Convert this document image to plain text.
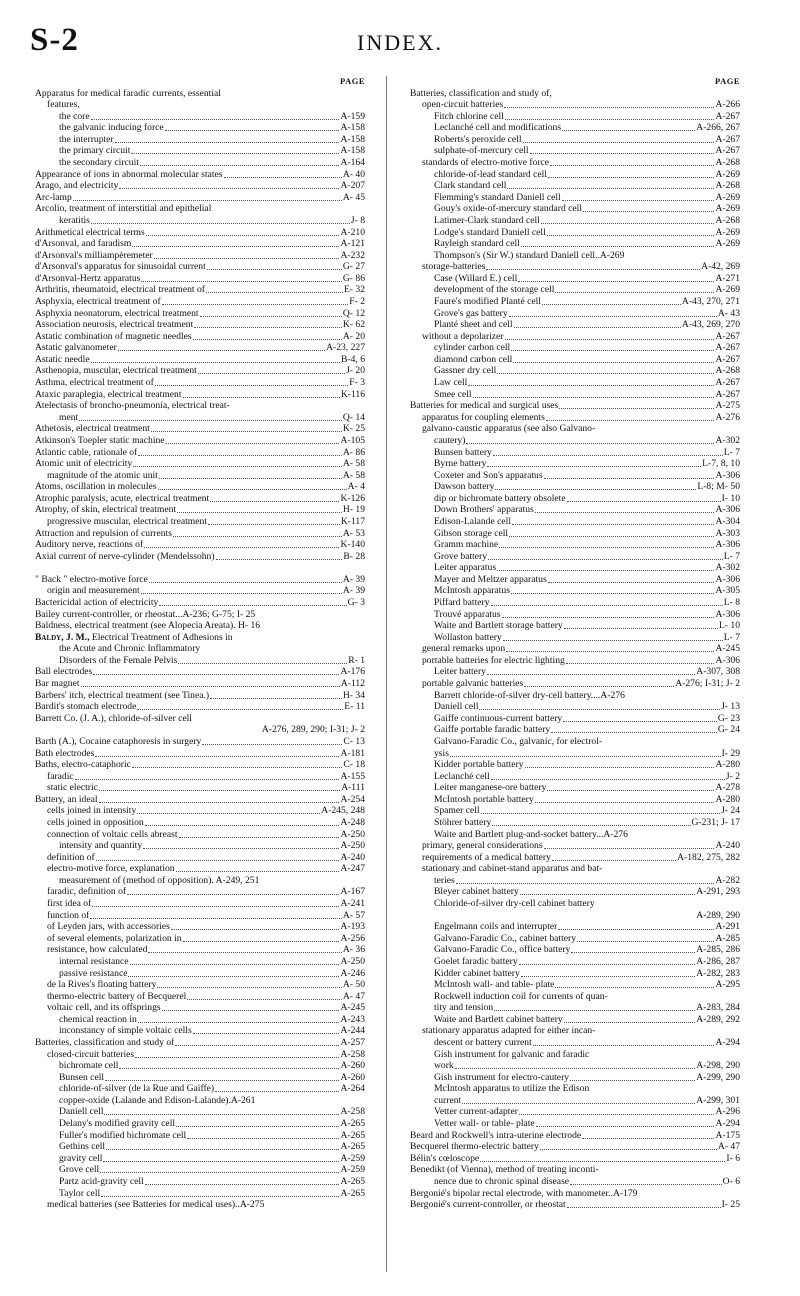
S-2	INDEX.
PAGE
Apparatus for medical faradic currents, essential
features,
the core	A-159
the galvanic inducing force	A-158
the interrupter	A-158
the primary circuit	A-158
the secondary circuit	A-164
Appearance of ions in abnormal molecular states	A- 40
Arago, and electricity	A-207
Arc-lamp	A- 45
Arcolio, treatment of interstitial and epithelial
keratitis	J- 8
Arithmetical electrical terms	A-210
d'Arsonval, and faradism	A-121
d'Arsonval's milliampèremeter	A-232
d'Arsonval's apparatus for sinusoidal current	G- 27
d'Arsonval-Hertz apparatus	G- 86
Arthritis, rheumatoid, electrical treatment of	E- 32
Asphyxia, electrical treatment of	F- 2
Asphyxia neonatorum, electrical treatment	Q- 12
Association neurosis, electrical treatment	K- 62
Astatic combination of magnetic needles	A- 20
Astatic galvanometer	A-23, 227
Astatic needle	B-4, 6
Asthenopia, muscular, electrical treatment	J- 20
Asthma, electrical treatment of	F- 3
Ataxic paraplegia, electrical treatment	K-116
Atelectasis of broncho-pneumonia, electrical treat-
ment	Q- 14
Athetosis, electrical treatment	K- 25
Atkinson's Toepler static machine	A-105
Atlantic cable, rationale of	A- 86
Atomic unit of electricity	A- 58
magnitude of the atomic unit	A- 58
Atoms, oscillation in molecules	A- 4
Atrophic paralysis, acute, electrical treatment	K-126
Atrophy, of skin, electrical treatment	H- 19
progressive muscular, electrical treatment	K-117
Attraction and repulsion of currents	A- 53
Auditory nerve, reactions of	K-140
Axial current of nerve-cylinder (Mendelssohn)	B- 28
" Back " electro-motive force	A- 39
origin and measurement	A- 39
Bactericidal action of electricity	G- 3
Bailey current-controller, or rheostat...A-236; G-75; I- 25
Baldness, electrical treatment (see Alopecia Areata). H- 16
Baldy, J. M., Electrical Treatment of Adhesions in
the Acute and Chronic Inflammatory
Disorders of the Female Pelvis	R- 1
Ball electrodes	A-176
Bar magnet	A-112
Barbers' itch, electrical treatment (see Tinea.)	H- 34
Bardit's stomach electrode	E- 11
Barrett Co. (J. A.), chloride-of-silver cell
A-276, 289, 290; I-31; J- 2
Barth (A.), Cocaine cataphoresis in surgery	C- 13
Bath electrodes	A-181
Baths, electro-cataphoric	C- 18
faradic	A-155
static electric	A-111
Battery, an ideal	A-254
cells joined in intensity	A-245, 248
cells joined in opposition	A-248
connection of voltaic cells abreast	A-250
intensity and quantity	A-250
definition of	A-240
electro-motive force, explanation	A-247
measurement of (method of opposition). A-249, 251
faradic, definition of	A-167
first idea of	A-241
function of	A- 57
of Leyden jars, with accessories	A-193
of several elements, polarization in	A-256
resistance, how calculated	A- 36
internal resistance	A-250
passive resistance	A-246
de la Rives's floating battery	A- 50
thermo-electric battery of Becquerel	A- 47
voltaic cell, and its offsprings	A-245
chemical reaction in	A-243
inconstancy of simple voltaic cells	A-244
Batteries, classification and study of	A-257
closed-circuit batteries	A-258
bichromate cell	A-260
Bunsen cell	A-260
chloride-of-silver (de la Rue and Gaiffe)	A-264
copper-oxide (Lalande and Edison-Lalande).A-261
Daniell cell	A-258
Delany's modified gravity cell	A-265
Fuller's modified bichromate cell	A-265
Gethins cell	A-265
gravity cell	A-259
Grove cell	A-259
Partz acid-gravity cell	A-265
Taylor cell	A-265
medical batteries (see Batteries for medical uses)..A-275
PAGE
Batteries, classification and study of,
open-circuit batteries	A-266
Fitch chlorine cell	A-267
Leclanché cell and modifications	A-266, 267
Roberts's peroxide cell	A-267
sulphate-of-mercury cell	A-267
standards of electro-motive force	A-268
chloride-of-lead standard cell	A-269
Clark standard cell	A-268
Flemming's standard Daniell cell	A-269
Gouy's oxide-of-mercury standard cell	A-269
Latimer-Clark standard cell	A-268
Lodge's standard Daniell cell	A-269
Rayleigh standard cell	A-269
Thompson's (Sir W.) standard Daniell cell..A-269
storage-batteries	A-42, 269
Case (Willard E.) cell	A-271
development of the storage cell	A-269
Faure's modified Planté cell	A-43, 270, 271
Grove's gas battery	A- 43
Planté sheet and cell	A-43, 269, 270
without a depolarizer	A-267
cylinder carbon cell	A-267
diamond carbon cell	A-267
Gassner dry cell	A-268
Law cell	A-267
Smee cell	A-267
Batteries for medical and surgical uses	A-275
apparatus for coupling elements	A-276
galvano-caustic apparatus (see also Galvano-
cautery)	A-302
Bunsen battery	L- 7
Byrne battery	L-7, 8, 10
Coxeter and Son's apparatus	A-306
Dawson battery	L-8; M- 50
dip or bichromate battery obsolete	I- 10
Down Brothers' apparatus	A-306
Edison-Lalande cell	A-304
Gibson storage cell	A-303
Gramm machine	A-306
Grove battery	L- 7
Leiter apparatus	A-302
Mayer and Meltzer apparatus	A-306
McIntosh apparatus	A-305
Piffard battery	L- 8
Trouvé apparatus	A-306
Waite and Bartlett storage battery	L- 10
Wollaston battery	L- 7
general remarks upon	A-245
portable batteries for electric lighting	A-306
Leiter battery	A-307, 308
portable galvanic batteries	A-276; I-31; J- 2
Barrett chloride-of-silver dry-cell battery....A-276
Daniell cell	J- 13
Gaiffe continuous-current battery	G- 23
Gaiffe portable faradic battery	G- 24
Galvano-Faradic Co., galvanic, for electrol-
ysis	I- 29
Kidder portable battery	A-280
Leclanché cell	J- 2
Leiter manganese-ore battery	A-278
McIntosh portable battery	A-280
Spamer cell	J- 24
Stöhrer battery	G-231; J- 17
Waite and Bartlett plug-and-socket battery...A-276
primary, general considerations	A-240
requirements of a medical battery	A-182, 275, 282
stationary and cabinet-stand apparatus and bat-
teries	A-282
Bleyer cabinet battery	A-291, 293
Chloride-of-silver dry-cell cabinet battery
A-289, 290
Engelmann coils and interrupter	A-291
Galvano-Faradic Co., cabinet battery	A-285
Galvano-Faradic Co., office battery	A-285, 286
Goelet faradic battery	A-286, 287
Kidder cabinet battery	A-282, 283
McIntosh wall- and table- plate	A-295
Rockwell induction coil for currents of quan-
tity and tension	A-283, 284
Waite and Bartlett cabinet battery	A-289, 292
stationary apparatus adapted for either incan-
descent or battery current	A-294
Gish instrument for galvanic and faradic
work	A-298, 290
Gish instrument for electro-cautery	A-299, 290
McIntosh apparatus to utilize the Edison
current	A-299, 301
Vetter current-adapter	A-296
Vetter wall- or table- plate	A-294
Beard and Rockwell's intra-uterine electrode	A-175
Becquerel thermo-electric battery	A- 47
Bélin's cœloscope	I- 6
Benedikt (of Vienna), method of treating inconti-
nence due to chronic spinal disease	O- 6
Bergonié's bipolar rectal electrode, with manometer..A-179
Bergonié's current-controller, or rheostat	I- 25
